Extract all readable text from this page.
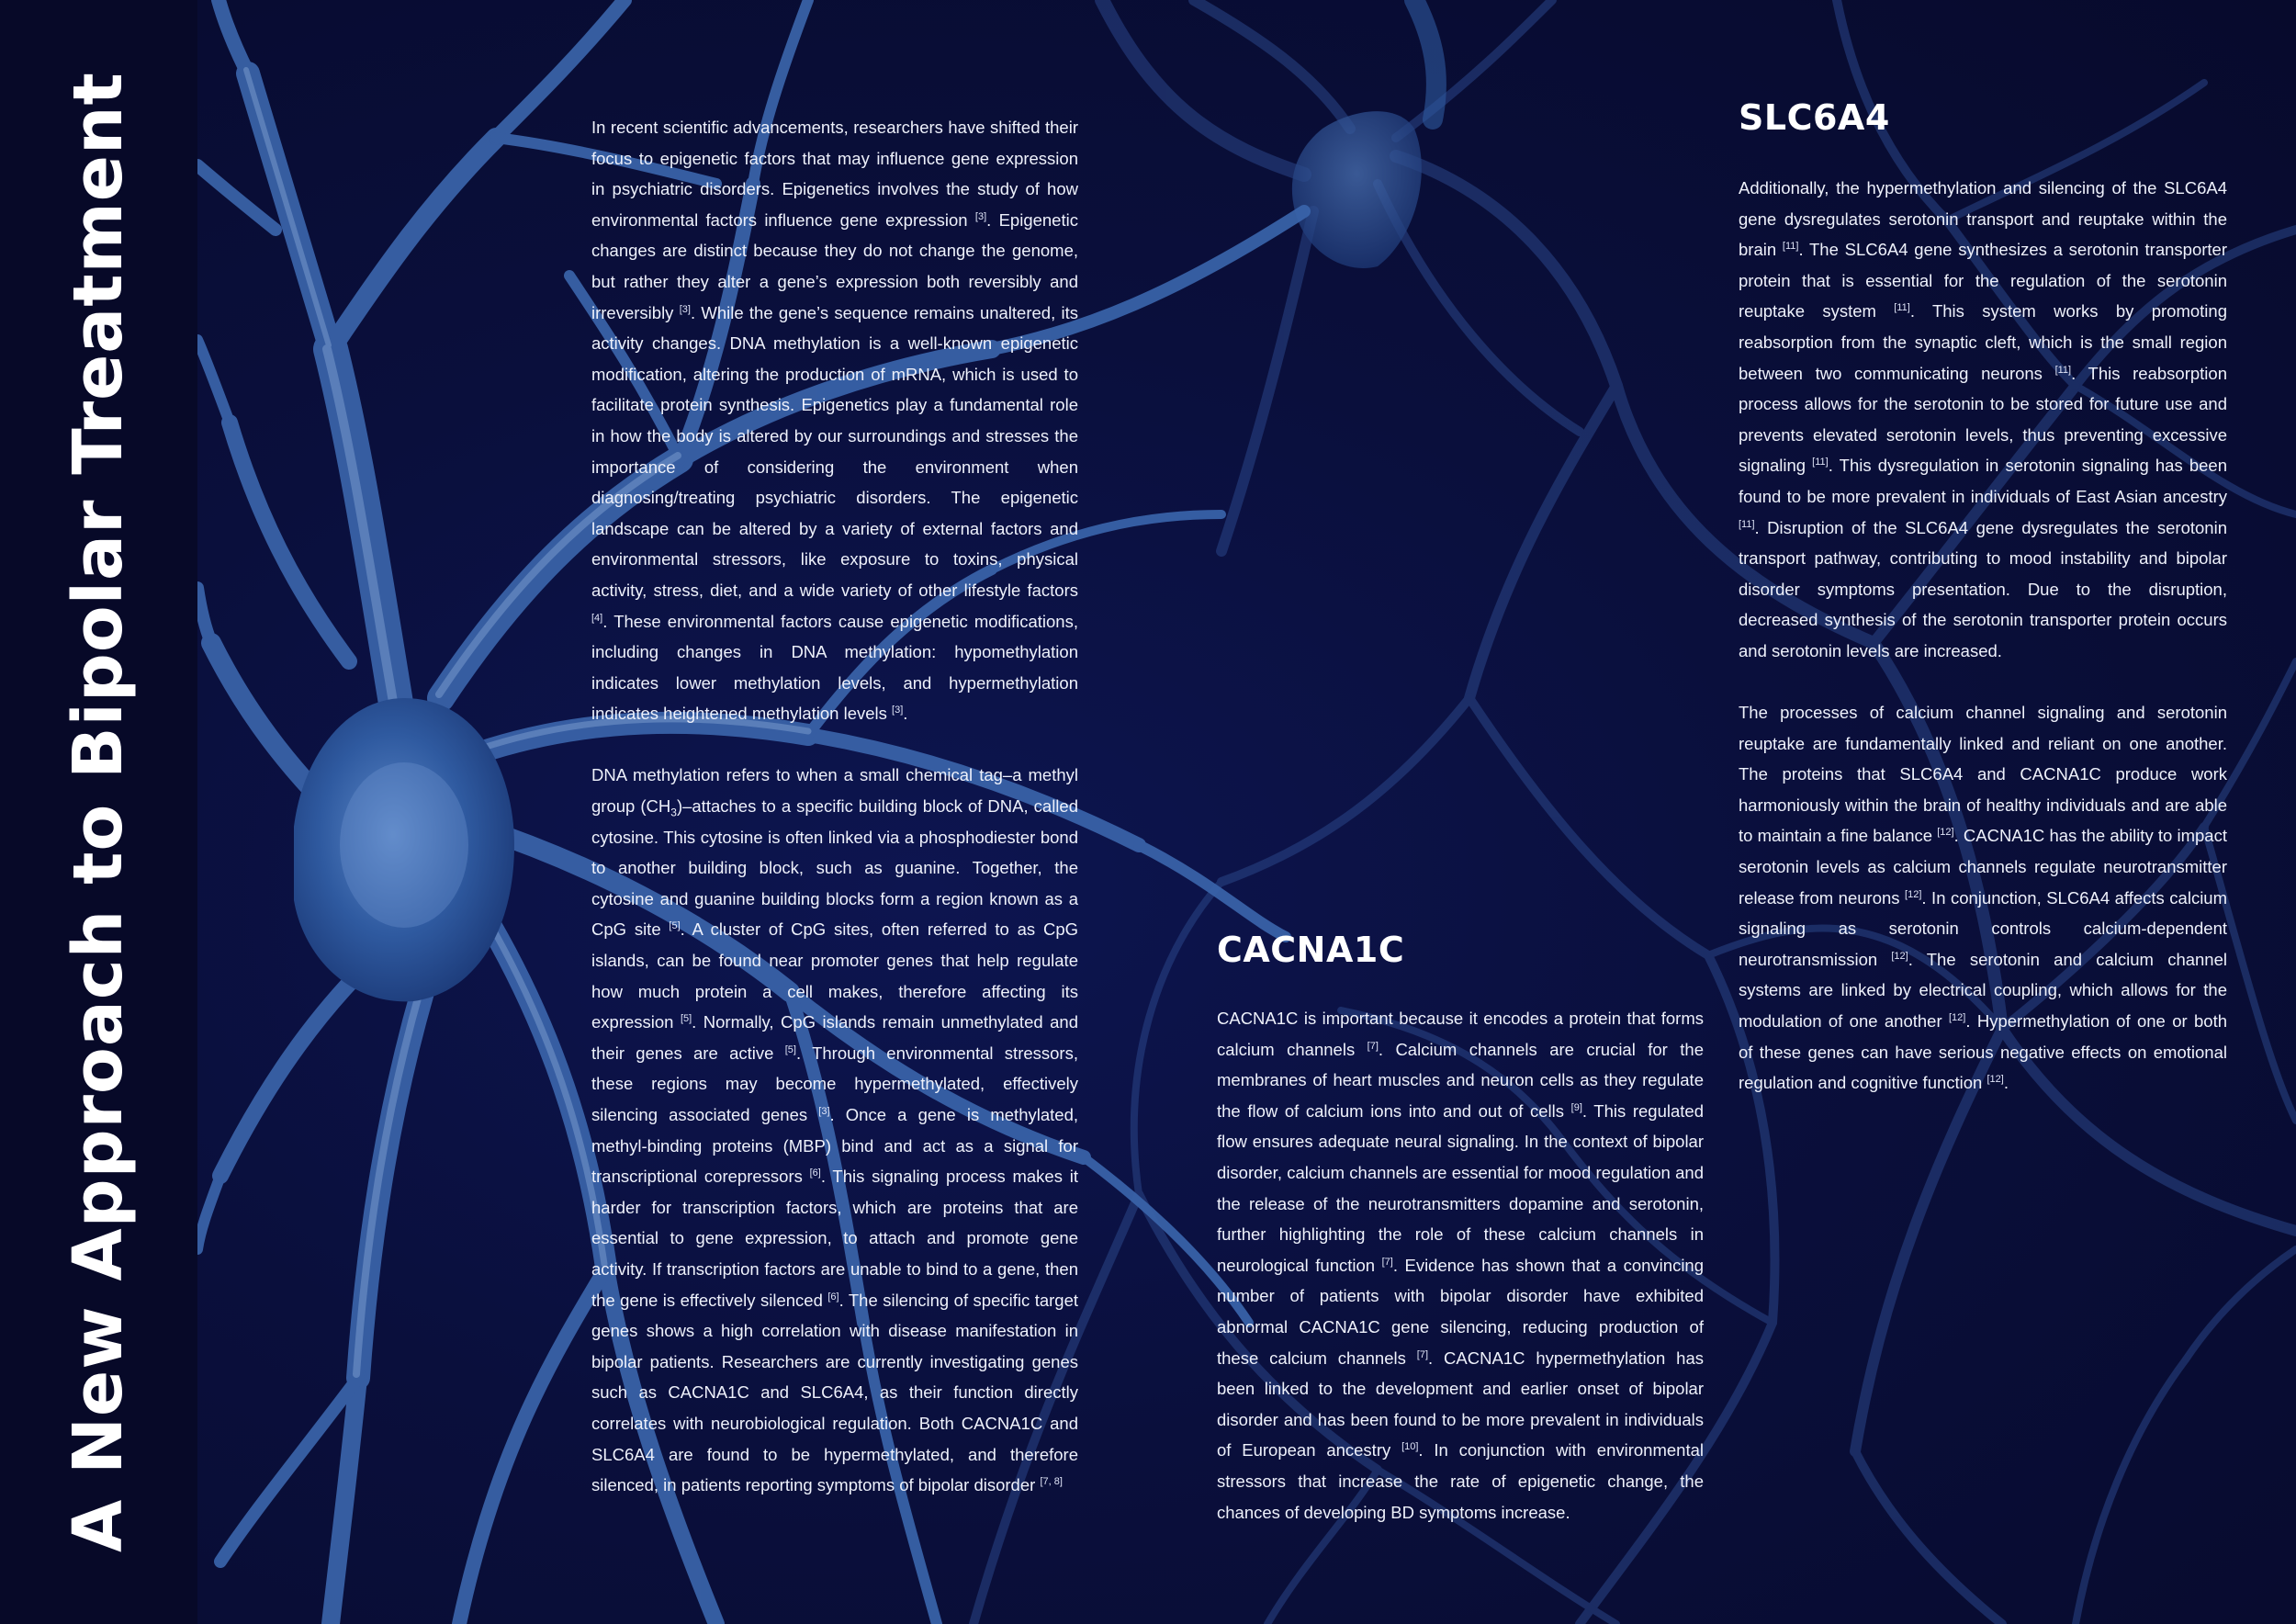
A New Approach to Bipolar Treatment	In recent scientific advancements, researchers have shifted their focus to epigenetic factors that may influence gene expression in psychiatric disorders. Epigenetics involves the study of how environmental factors influence gene expression [3]. Epigenetic changes are distinct because they do not change the genome, but rather they alter a gene’s expression both reversibly and irreversibly [3]. While the gene’s sequence remains unaltered, its activity changes. DNA methylation is a well-known epigenetic modification, altering the production of mRNA, which is used to facilitate protein synthesis. Epigenetics play a fundamental role in how the body is altered by our surroundings and stresses the importance of considering the environment when diagnosing/treating psychiatric disorders. The epigenetic landscape can be altered by a variety of external factors and environmental stressors, like exposure to toxins, physical activity, stress, diet, and a wide variety of other lifestyle factors [4]. These environmental factors cause epigenetic modifications, including changes in DNA methylation: hypomethylation indicates lower methylation levels, and hypermethylation indicates heightened methylation levels [3].

DNA methylation refers to when a small chemical tag–a methyl group $(CH_3)$–attaches to a specific building block of DNA, called cytosine. This cytosine is often linked via a phosphodiester bond to another building block, such as guanine. Together, the cytosine and guanine building blocks form a region known as a CpG site [5]. A cluster of CpG sites, often referred to as CpG islands, can be found near promoter genes that help regulate how much protein a cell makes, therefore affecting its expression [5]. Normally, CpG islands remain unmethylated and their genes are active [5]. Through environmental stressors, these regions may become hypermethylated, effectively silencing associated genes [3]. Once a gene is methylated, methyl-binding proteins (MBP) bind and act as a signal for transcriptional corepressors [6]. This signaling process makes it harder for transcription factors, which are proteins that are essential to gene expression, to attach and promote gene activity. If transcription factors are unable to bind to a gene, then the gene is effectively silenced [6]. The silencing of specific target genes shows a high correlation with disease manifestation in bipolar patients. Researchers are currently investigating genes such as CACNA1C and SLC6A4, as their function directly correlates with neurobiological regulation. Both CACNA1C and SLC6A4 are found to be hypermethylated, and therefore silenced, in patients reporting symptoms of bipolar disorder [7, 8]

CACNA1C

CACNA1C is important because it encodes a protein that forms calcium channels [7]. Calcium channels are crucial for the membranes of heart muscles and neuron cells as they regulate the flow of calcium ions into and out of cells [9]. This regulated flow ensures adequate neural signaling. In the context of bipolar disorder, calcium channels are essential for mood regulation and the release of the neurotransmitters dopamine and serotonin, further highlighting the role of these calcium channels in neurological function [7]. Evidence has shown that a convincing number of patients with bipolar disorder have exhibited abnormal CACNA1C gene silencing, reducing production of these calcium channels [7]. CACNA1C hypermethylation has been linked to the development and earlier onset of bipolar disorder and has been found to be more prevalent in individuals of European ancestry [10]. In conjunction with environmental stressors that increase the rate of epigenetic change, the chances of developing BD symptoms increase.

SLC6A4

Additionally, the hypermethylation and silencing of the SLC6A4 gene dysregulates serotonin transport and reuptake within the brain [11]. The SLC6A4 gene synthesizes a serotonin transporter protein that is essential for the regulation of the serotonin reuptake system [11]. This system works by promoting reabsorption from the synaptic cleft, which is the small region between two communicating neurons [11]. This reabsorption process allows for the serotonin to be stored for future use and prevents elevated serotonin levels, thus preventing excessive signaling [11]. This dysregulation in serotonin signaling has been found to be more prevalent in individuals of East Asian ancestry [11]. Disruption of the SLC6A4 gene dysregulates the serotonin transport pathway, contributing to mood instability and bipolar disorder symptoms presentation. Due to the disruption, decreased synthesis of the serotonin transporter protein occurs and serotonin levels are increased.

The processes of calcium channel signaling and serotonin reuptake are fundamentally linked and reliant on one another. The proteins that SLC6A4 and CACNA1C produce work harmoniously within the brain of healthy individuals and are able to maintain a fine balance [12]. CACNA1C has the ability to impact serotonin levels as calcium channels regulate neurotransmitter release from neurons [12]. In conjunction, SLC6A4 affects calcium signaling as serotonin controls calcium-dependent neurotransmission [12]. The serotonin and calcium channel systems are linked by electrical coupling, which allows for the modulation of one another [12]. Hypermethylation of one or both of these genes can have serious negative effects on emotional regulation and cognitive function [12].
